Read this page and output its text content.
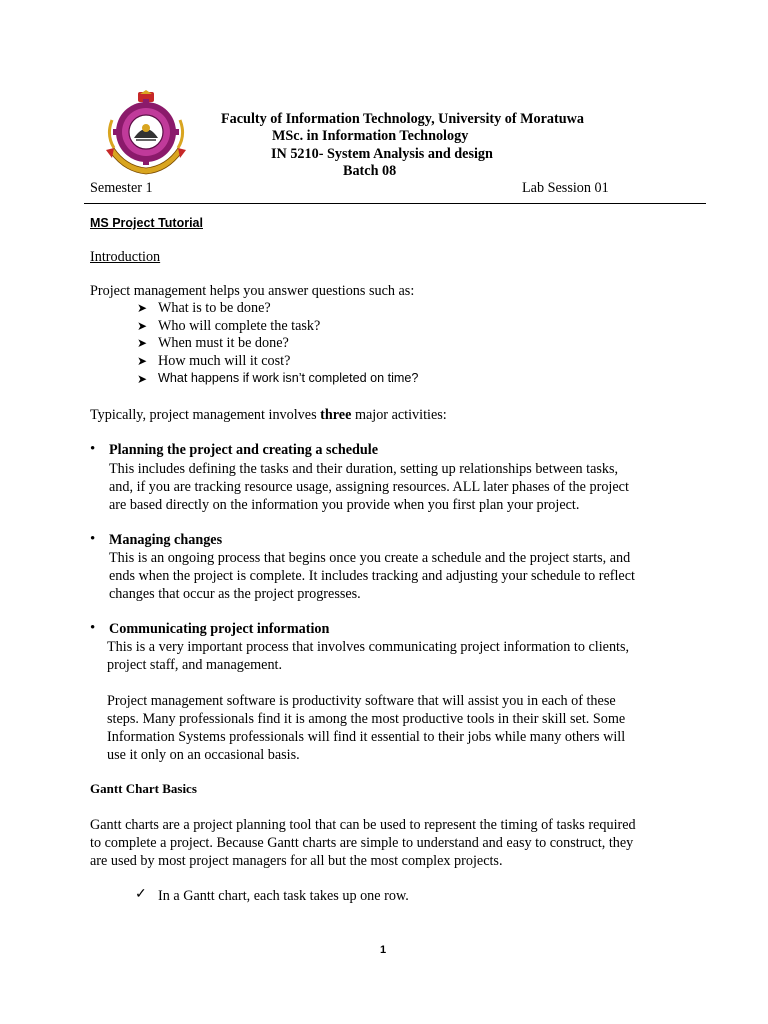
Faculty of Information Technology, University of Moratuwa
MSc. in Information Technology
IN 5210- System Analysis and design
Batch 08
Semester 1	Lab Session 01
MS Project Tutorial
Introduction
Project management helps you answer questions such as:
➤ What is to be done?
➤ Who will complete the task?
➤ When must it be done?
➤ How much will it cost?
➤ What happens if work isn’t completed on time?
Typically, project management involves three major activities:
• Planning the project and creating a schedule
This includes defining the tasks and their duration, setting up relationships between tasks,
and, if you are tracking resource usage, assigning resources. ALL later phases of the project
are based directly on the information you provide when you first plan your project.
• Managing changes
This is an ongoing process that begins once you create a schedule and the project starts, and
ends when the project is complete. It includes tracking and adjusting your schedule to reflect
changes that occur as the project progresses.
• Communicating project information
This is a very important process that involves communicating project information to clients,
project staff, and management.
Project management software is productivity software that will assist you in each of these
steps. Many professionals find it is among the most productive tools in their skill set. Some
Information Systems professionals will find it essential to their jobs while many others will
use it only on an occasional basis.
Gantt Chart Basics
Gantt charts are a project planning tool that can be used to represent the timing of tasks required
to complete a project. Because Gantt charts are simple to understand and easy to construct, they
are used by most project managers for all but the most complex projects.
✓ In a Gantt chart, each task takes up one row.
1
